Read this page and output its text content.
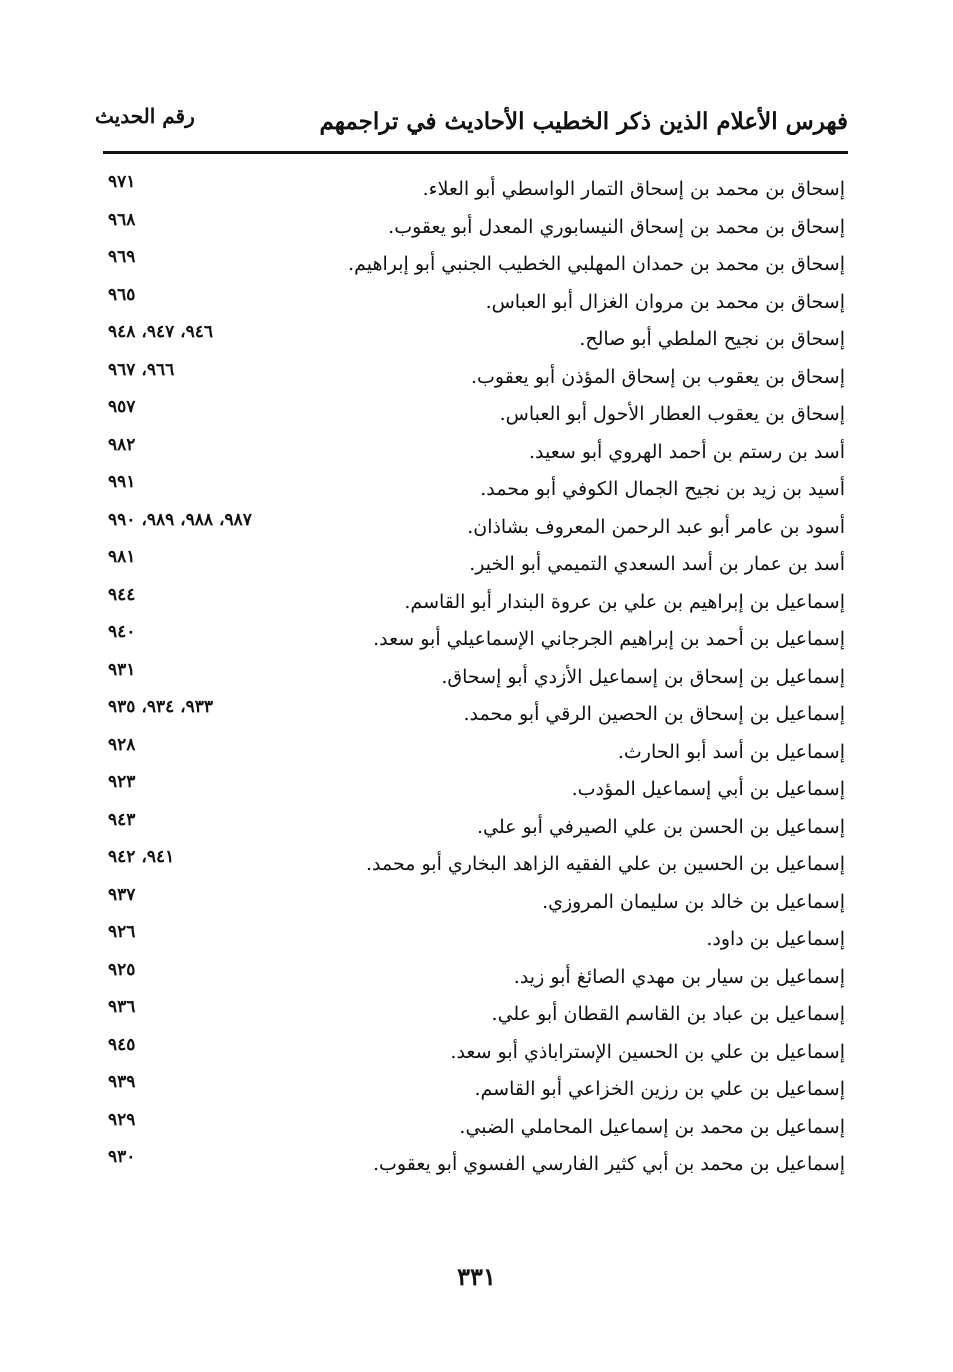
فهرس الأعلام الذين ذكر الخطيب الأحاديث في تراجمهم
رقم الحديث
إسحاق بن محمد بن إسحاق التمار الواسطي أبو العلاء.
٩٧١
إسحاق بن محمد بن إسحاق النيسابوري المعدل أبو يعقوب.
٩٦٨
إسحاق بن محمد بن حمدان المهلبي الخطيب الجنبي أبو إبراهيم.
٩٦٩
إسحاق بن محمد بن مروان الغزال أبو العباس.
٩٦٥
إسحاق بن نجيح الملطي أبو صالح.
٩٤٦، ٩٤٧، ٩٤٨
إسحاق بن يعقوب بن إسحاق المؤذن أبو يعقوب.
٩٦٦، ٩٦٧
إسحاق بن يعقوب العطار الأحول أبو العباس.
٩٥٧
أسد بن رستم بن أحمد الهروي أبو سعيد.
٩٨٢
أسيد بن زيد بن نجيح الجمال الكوفي أبو محمد.
٩٩١
أسود بن عامر أبو عبد الرحمن المعروف بشاذان.
٩٨٧، ٩٨٨، ٩٨٩، ٩٩٠
أسد بن عمار بن أسد السعدي التميمي أبو الخير.
٩٨١
إسماعيل بن إبراهيم بن علي بن عروة البندار أبو القاسم.
٩٤٤
إسماعيل بن أحمد بن إبراهيم الجرجاني الإسماعيلي أبو سعد.
٩٤٠
إسماعيل بن إسحاق بن إسماعيل الأزدي أبو إسحاق.
٩٣١
إسماعيل بن إسحاق بن الحصين الرقي أبو محمد.
٩٣٣، ٩٣٤، ٩٣٥
إسماعيل بن أسد أبو الحارث.
٩٢٨
إسماعيل بن أبي إسماعيل المؤدب.
٩٢٣
إسماعيل بن الحسن بن علي الصيرفي أبو علي.
٩٤٣
إسماعيل بن الحسين بن علي الفقيه الزاهد البخاري أبو محمد.
٩٤١، ٩٤٢
إسماعيل بن خالد بن سليمان المروزي.
٩٣٧
إسماعيل بن داود.
٩٢٦
إسماعيل بن سيار بن مهدي الصائغ أبو زيد.
٩٢٥
إسماعيل بن عباد بن القاسم القطان أبو علي.
٩٣٦
إسماعيل بن علي بن الحسين الإستراباذي أبو سعد.
٩٤٥
إسماعيل بن علي بن رزين الخزاعي أبو القاسم.
٩٣٩
إسماعيل بن محمد بن إسماعيل المحاملي الضبي.
٩٢٩
إسماعيل بن محمد بن أبي كثير الفارسي الفسوي أبو يعقوب.
٩٣٠
٣٣١
